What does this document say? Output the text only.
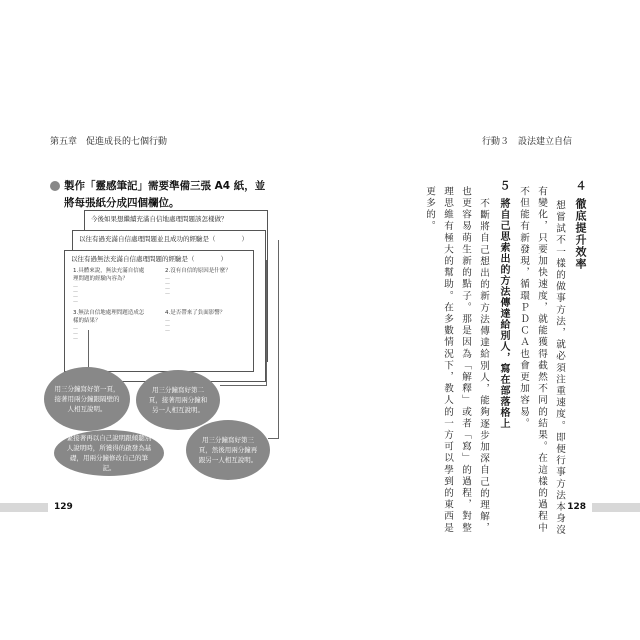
第五章　促進成長的七個行動
製作「靈感筆記」需要準備三張 A4 紙，並將每張紙分成四個欄位。
今後如果想繼續充滿自信地處理問題該怎樣做？
以往有過充滿自信處理問題並且成功的經驗是（　　　　）
以往有過無法充滿自信處理問題的經驗是（　　　　）
1.具體來說，無法充滿自信處理問題的經驗內容為？
—
—
—
—
2.沒有自信的原因是什麼？
—
—
—
—
3.無法自信地處理問題造成怎樣的結果？
—
—
—
4.是否帶來了負面影響？
—
—
—
用三分鐘寫好第一頁，接著用兩分鐘跟隔壁的人相互說明。
用三分鐘寫好第二頁，接著用兩分鐘和另一人相互說明。
緊接著再以自己說明跟傾聽別人說明時，所獲得的啟發為基礎，用兩分鐘修改自己的筆記。
用三分鐘寫好第三頁，然後用兩分鐘再跟另一人相互說明。
129
行動３　設法建立自信
４
徹底提升效率
想嘗試不一樣的做事方法，就必須注重速度。即便行事方法本身沒
有變化，只要加快速度，就能獲得截然不同的結果。在這樣的過程中
不但能有新發現，循環ＰＤＣＡ也會更加容易。
５
將自己思索出的方法傳達給別人，寫在部落格上
不斷將自己想出的新方法傳達給別人，能夠逐步加深自己的理解，
也更容易萌生新的點子。那是因為「解釋」或者「寫」的過程，對整
理思維有極大的幫助。在多數情況下，教人的一方可以學到的東西是
更多的。
128
